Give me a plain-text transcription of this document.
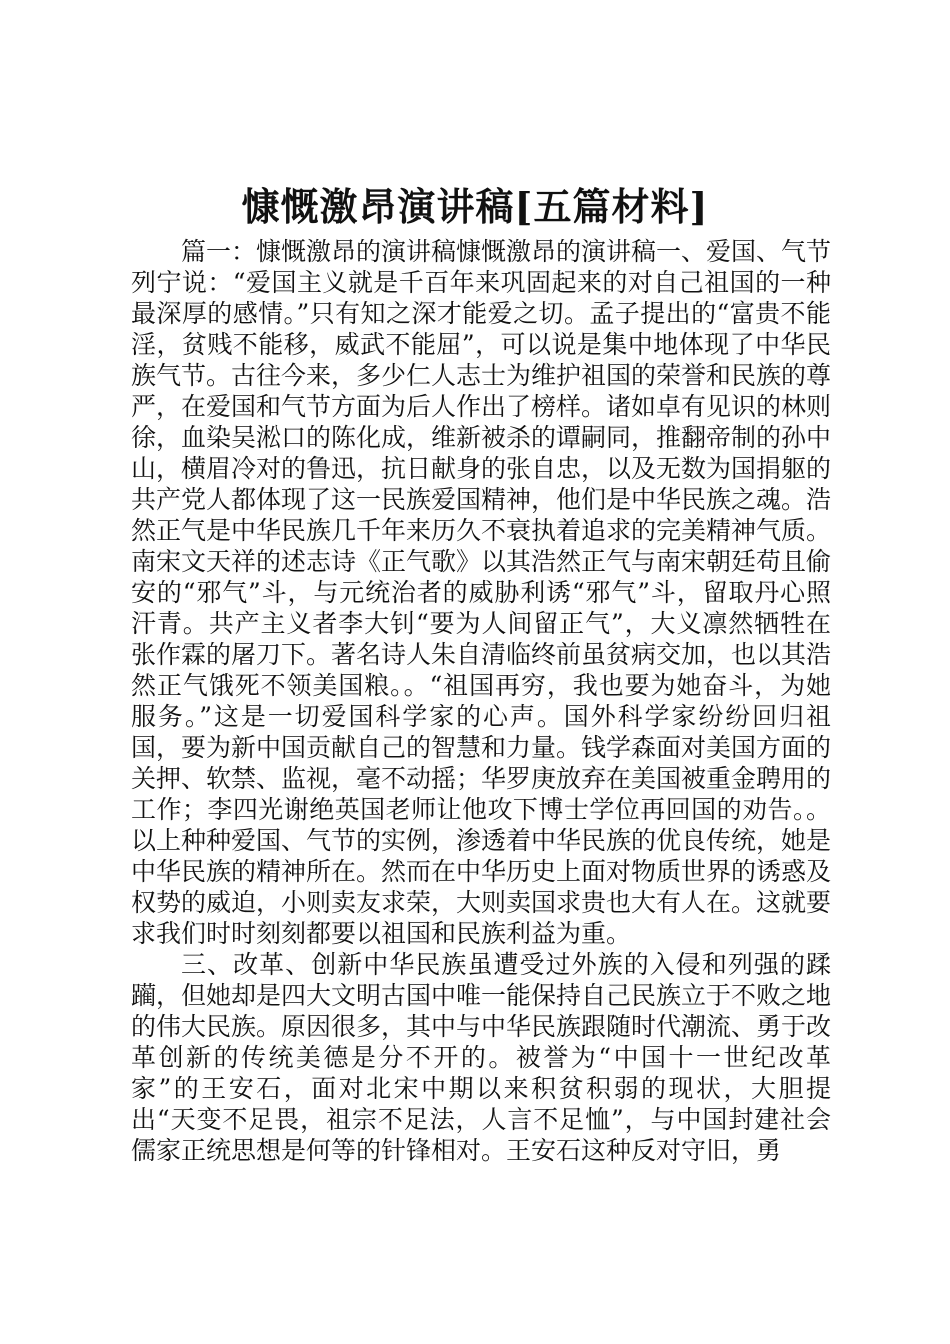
慷慨激昂演讲稿[五篇材料]

篇一：慷慨激昂的演讲稿慷慨激昂的演讲稿一、爱国、气节列宁说：“爱国主义就是千百年来巩固起来的对自己祖国的一种最深厚的感情。”只有知之深才能爱之切。孟子提出的“富贵不能淫，贫贱不能移，威武不能屈”，可以说是集中地体现了中华民族气节。古往今来，多少仁人志士为维护祖国的荣誉和民族的尊严，在爱国和气节方面为后人作出了榜样。诸如卓有见识的林则徐，血染吴淞口的陈化成，维新被杀的谭嗣同，推翻帝制的孙中山，横眉冷对的鲁迅，抗日献身的张自忠，以及无数为国捐躯的共产党人都体现了这一民族爱国精神，他们是中华民族之魂。浩然正气是中华民族几千年来历久不衰执着追求的完美精神气质。南宋文天祥的述志诗《正气歌》以其浩然正气与南宋朝廷苟且偷安的“邪气”斗，与元统治者的威胁利诱“邪气”斗，留取丹心照汗青。共产主义者李大钊“要为人间留正气”，大义凛然牺牲在张作霖的屠刀下。著名诗人朱自清临终前虽贫病交加，也以其浩然正气饿死不领美国粮。。“祖国再穷，我也要为她奋斗，为她服务。”这是一切爱国科学家的心声。国外科学家纷纷回归祖国，要为新中国贡献自己的智慧和力量。钱学森面对美国方面的关押、软禁、监视，毫不动摇；华罗庚放弃在美国被重金聘用的工作；李四光谢绝英国老师让他攻下博士学位再回国的劝告。。以上种种爱国、气节的实例，渗透着中华民族的优良传统，她是中华民族的精神所在。然而在中华历史上面对物质世界的诱惑及权势的威迫，小则卖友求荣，大则卖国求贵也大有人在。这就要求我们时时刻刻都要以祖国和民族利益为重。

三、改革、创新中华民族虽遭受过外族的入侵和列强的蹂躏，但她却是四大文明古国中唯一能保持自己民族立于不败之地的伟大民族。原因很多，其中与中华民族跟随时代潮流、勇于改革创新的传统美德是分不开的。被誉为“中国十一世纪改革家”的王安石，面对北宋中期以来积贫积弱的现状，大胆提出“天变不足畏，祖宗不足法，人言不足恤”，与中国封建社会儒家正统思想是何等的针锋相对。王安石这种反对守旧，勇
